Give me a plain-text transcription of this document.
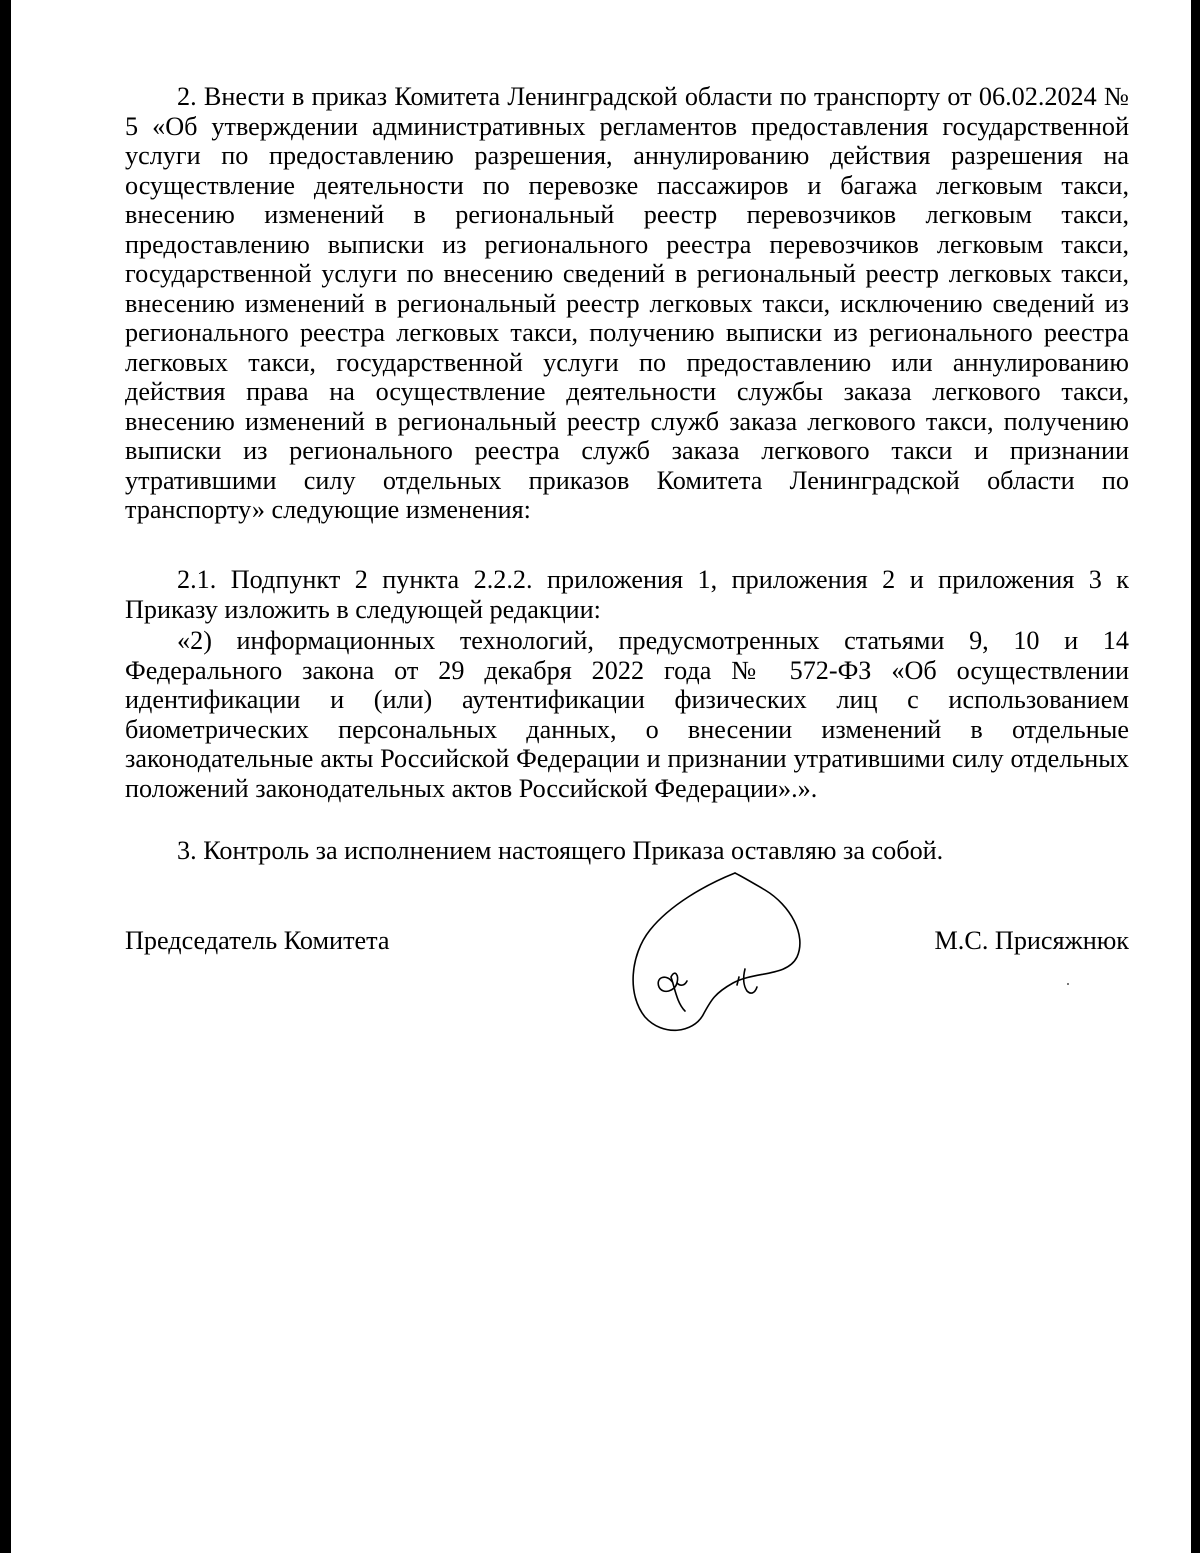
2. Внести в приказ Комитета Ленинградской области по транспорту от 06.02.2024 № 5 «Об утверждении административных регламентов предоставления государственной услуги по предоставлению разрешения, аннулированию действия разрешения на осуществление деятельности по перевозке пассажиров и багажа легковым такси, внесению изменений в региональный реестр перевозчиков легковым такси, предоставлению выписки из регионального реестра перевозчиков легковым такси, государственной услуги по внесению сведений в региональный реестр легковых такси, внесению изменений в региональный реестр легковых такси, исключению сведений из регионального реестра легковых такси, получению выписки из регионального реестра легковых такси, государственной услуги по предоставлению или аннулированию действия права на осуществление деятельности службы заказа легкового такси, внесению изменений в региональный реестр служб заказа легкового такси, получению выписки из регионального реестра служб заказа легкового такси и признании утратившими силу отдельных приказов Комитета Ленинградской области по транспорту» следующие изменения:

2.1. Подпункт 2 пункта 2.2.2. приложения 1, приложения 2 и приложения 3 к Приказу изложить в следующей редакции:

«2) информационных технологий, предусмотренных статьями 9, 10 и 14 Федерального закона от 29 декабря 2022 года № 572-ФЗ «Об осуществлении идентификации и (или) аутентификации физических лиц с использованием биометрических персональных данных, о внесении изменений в отдельные законодательные акты Российской Федерации и признании утратившими силу отдельных положений законодательных актов Российской Федерации».».

3. Контроль за исполнением настоящего Приказа оставляю за собой.

Председатель Комитета	М.С. Присяжнюк
